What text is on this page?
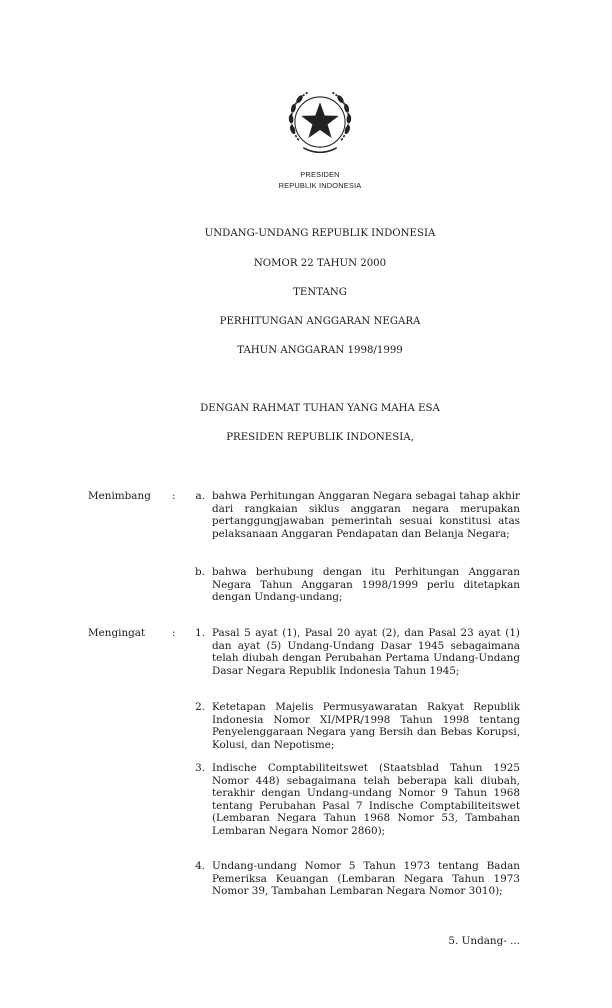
PRESIDEN
REPUBLIK INDONESIA
UNDANG-UNDANG REPUBLIK INDONESIA
NOMOR 22 TAHUN 2000
TENTANG
PERHITUNGAN ANGGARAN NEGARA
TAHUN ANGGARAN 1998/1999
DENGAN RAHMAT TUHAN YANG MAHA ESA
PRESIDEN REPUBLIK INDONESIA,
Menimbang :	a. bahwa Perhitungan Anggaran Negara sebagai tahap akhir dari rangkaian siklus anggaran negara merupakan pertanggungjawaban pemerintah sesuai konstitusi atas pelaksanaan Anggaran Pendapatan dan Belanja Negara;
b. bahwa berhubung dengan itu Perhitungan Anggaran Negara Tahun Anggaran 1998/1999 perlu ditetapkan dengan Undang-undang;
Mengingat	:	1. Pasal 5 ayat (1), Pasal 20 ayat (2), dan Pasal 23 ayat (1) dan ayat (5) Undang-Undang Dasar 1945 sebagaimana telah diubah dengan Perubahan Pertama Undang-Undang Dasar Negara Republik Indonesia Tahun 1945;
2. Ketetapan Majelis Permusyawaratan Rakyat Republik Indonesia Nomor XI/MPR/1998 Tahun 1998 tentang Penyelenggaraan Negara yang Bersih dan Bebas Korupsi, Kolusi, dan Nepotisme;
3. Indische Comptabiliteitswet (Staatsblad Tahun 1925 Nomor 448) sebagaimana telah beberapa kali diubah, terakhir dengan Undang-undang Nomor 9 Tahun 1968 tentang Perubahan Pasal 7 Indische Comptabiliteitswet (Lembaran Negara Tahun 1968 Nomor 53, Tambahan Lembaran Negara Nomor 2860);
4. Undang-undang Nomor 5 Tahun 1973 tentang Badan Pemeriksa Keuangan (Lembaran Negara Tahun 1973 Nomor 39, Tambahan Lembaran Negara Nomor 3010);
5. Undang- ...
